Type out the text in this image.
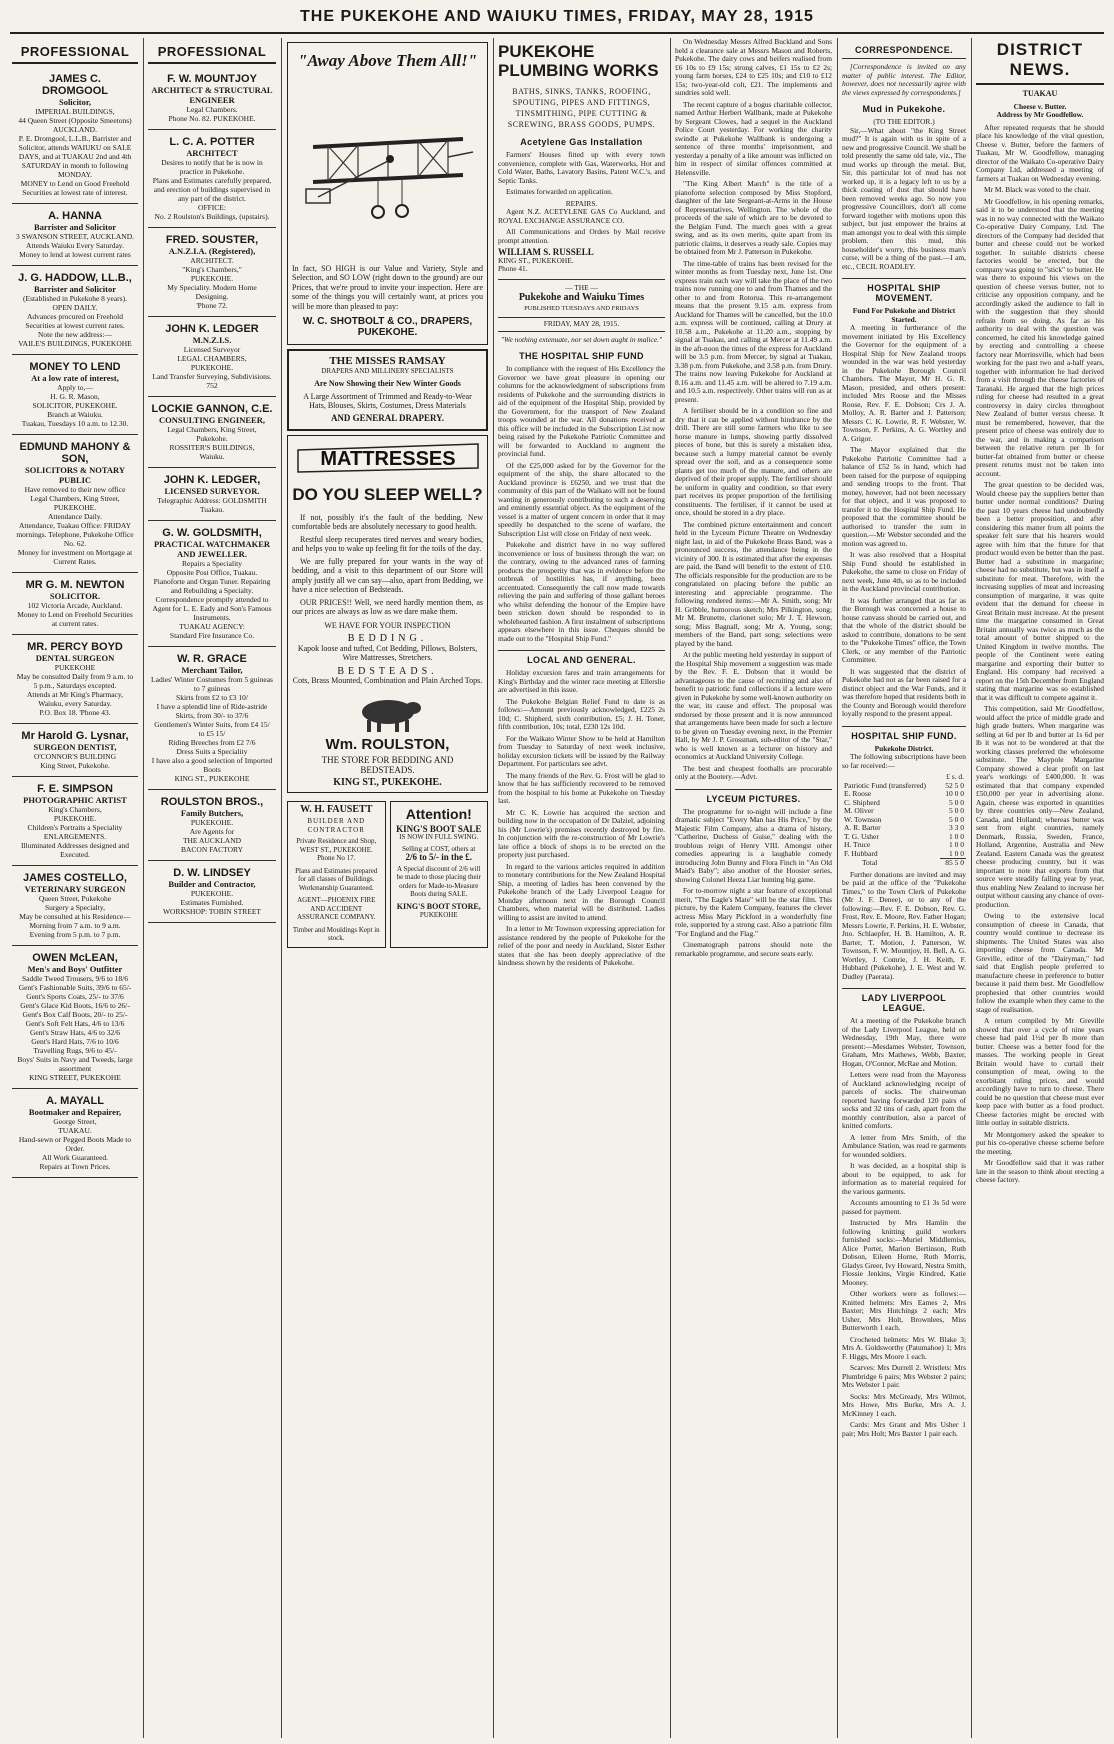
THE PUKEKOHE AND WAIUKU TIMES, FRIDAY, MAY 28, 1915
PROFESSIONAL
JAMES C. DROMGOOL
Solicitor,
IMPERIAL BUILDINGS,
44 Queen Street (Opposite Smeetons)
AUCKLAND.
P. E. Dromgool, L.L.B., Barrister and Solicitor, attends WAIUKU on SALE DAYS, and at TUAKAU 2nd and 4th SATURDAY in month to following MONDAY.
MONEY to Lend on Good Freehold Securities at lowest rate of interest.
A. HANNA
Barrister and Solicitor
3 SWANSON STREET, AUCKLAND.
Attends Waiuku Every Saturday.
Money to lend at lowest current rates
J. G. HADDOW, LL.B.,
Barrister and Solicitor
(Established in Pukekohe 8 years).
OPEN DAILY.
Advances procured on Freehold Securities at lowest current rates.
Note the new address:—
VAILE'S BUILDINGS, PUKEKOHE
MONEY TO LEND
At a low rate of interest,
Apply to,—
H. G. R. Mason,
SOLICITOR, PUKEKOHE.
Branch at Waiuku.
Tuakau, Tuesdays 10 a.m. to 12.30.
EDMUND MAHONY & SON,
SOLICITORS & NOTARY PUBLIC
Have removed to their new office
Legal Chambers, King Street,
PUKEKOHE.
Attendance Daily.
Attendance, Tuakau Office: FRIDAY mornings. Telephone, Pukekohe Office No. 62.
Money for investment on Mortgage at Current Rates.
MR G. M. NEWTON
SOLICITOR.
102 Victoria Arcade, Auckland.
Money to Lend on Freehold Securities at current rates.
MR. PERCY BOYD
DENTAL SURGEON
PUKEKOHE
May be consulted Daily from 9 a.m. to 5 p.m., Saturdays excepted.
Attends at Mr King's Pharmacy, Waiuku, every Saturday.
P.O. Box 18. 'Phone 43.
Mr Harold G. Lysnar,
SURGEON DENTIST,
O'CONNOR'S BUILDING
King Street, Pukekohe.
F. E. SIMPSON
PHOTOGRAPHIC ARTIST
King's Chambers,
PUKEKOHE.
Children's Portraits a Speciality
ENLARGEMENTS.
Illuminated Addresses designed and Executed.
JAMES COSTELLO,
VETERINARY SURGEON
Queen Street, Pukekohe
Surgery a Specialty,
May be consulted at his Residence—
Morning from 7 a.m. to 9 a.m.
Evening from 5 p.m. to 7 p.m.
OWEN McLEAN,
Men's and Boys' Outfitter
Saddle Tweed Trousers, 9/6 to 18/6
Gent's Fashionable Suits, 39/6 to 65/-
Gent's Sports Coats, 25/- to 37/6
Gent's Glace Kid Boots, 16/6 to 26/-
Gent's Box Calf Boots, 20/- to 25/-
Gent's Soft Felt Hats, 4/6 to 13/6
Gent's Straw Hats, 4/6 to 32/6
Gent's Hard Hats, 7/6 to 10/6
Travelling Rugs, 9/6 to 45/-
Boys' Suits in Navy and Tweeds, large assortment
KING STREET, PUKEKOHE
A. MAYALL
Bootmaker and Repairer,
George Street,
TUAKAU.
Hand-sewn or Pegged Boots Made to Order.
All Work Guaranteed.
Repairs at Town Prices.
PROFESSIONAL
F. W. MOUNTJOY
ARCHITECT & STRUCTURAL ENGINEER
Legal Chambers.
Phone No. 82. PUKEKOHE.
L. C. A. POTTER
ARCHITECT
Desires to notify that he is now in practice in Pukekohe.
Plans and Estimates carefully prepared, and erection of buildings supervised in any part of the district.
OFFICE:
No. 2 Roulston's Buildings, (upstairs).
FRED. SOUSTER,
A.N.Z.I.A. (Registered),
ARCHITECT.
"King's Chambers,"
PUKEKOHE.
My Speciality. Modern Home Designing.
'Phone 72.
JOHN K. LEDGER
M.N.Z.I.S.
Licensed Surveyor
LEGAL CHAMBERS,
PUKEKOHE.
Land Transfer Surveying, Subdivisions. 752
LOCKIE GANNON, C.E.
CONSULTING ENGINEER,
Legal Chambers, King Street,
Pukekohe.
ROSSITER'S BUILDINGS,
Waiuku.
JOHN K. LEDGER,
LICENSED SURVEYOR.
Telegraphic Address: GOLDSMITH
Tuakau.
G. W. GOLDSMITH,
PRACTICAL WATCHMAKER AND JEWELLER.
Repairs a Speciality
Opposite Post Office, Tuakau.
Pianoforte and Organ Tuner. Repairing and Rebuilding a Specialty.
Correspondence promptly attended to
Agent for L. E. Eady and Son's Famous Instruments.
TUAKAU AGENCY:
Standard Fire Insurance Co.
W. R. GRACE
Merchant Tailor,
Ladies' Winter Costumes from 5 guineas to 7 guineas
Skirts from £2 to £3 10/
I have a splendid line of Ride-astride Skirts, from 30/- to 37/6
Gentlemen's Winter Suits, from £4 15/ to £5 15/
Riding Breeches from £2 7/6
Dress Suits a Speciality
I have also a good selection of Imported Boots
KING ST., PUKEKOHE
ROULSTON BROS.,
Family Butchers,
PUKEKOHE.
Are Agents for
THE AUCKLAND
BACON FACTORY
D. W. LINDSEY
Builder and Contractor,
PUKEKOHE.
Estimates Furnished.
WORKSHOP: TOBIN STREET
"Away Above Them All!"
In fact, SO HIGH is our Value and Variety, Style and Selection, and SO LOW (right down to the ground) are our Prices, that we're proud to invite your inspection. Here are some of the things you will certainly want, at prices you will be more than pleased to pay:
W. C. SHOTBOLT & CO., DRAPERS, PUKEKOHE.
THE MISSES RAMSAY
DRAPERS AND MILLINERY SPECIALISTS
Are Now Showing their New Winter Goods
A Large Assortment of Trimmed and Ready-to-Wear Hats, Blouses, Skirts, Costumes, Dress Materials
AND GENERAL DRAPERY.
MATTRESSES
DO YOU SLEEP WELL?
If not, possibly it's the fault of the bedding. New comfortable beds are absolutely necessary to good health.
Restful sleep recuperates tired nerves and weary bodies, and helps you to wake up feeling fit for the toils of the day.
We are fully prepared for your wants in the way of bedding, and a visit to this department of our Store will amply justify all we can say—also, apart from Bedding, we have a nice selection of Bedsteads.
OUR PRICES!! Well, we need hardly mention them, as our prices are always as low as we dare make them.
WE HAVE FOR YOUR INSPECTION
BEDDING.
Kapok loose and tufted, Cot Bedding, Pillows, Bolsters, Wire Mattresses, Stretchers.
BEDSTEADS.
Cots, Brass Mounted, Combination and Plain Arched Tops.
Wm. ROULSTON,
THE STORE FOR BEDDING AND
BEDSTEADS.
KING ST., PUKEKOHE.
W. H. FAUSETT
BUILDER AND
CONTRACTOR
Private Residence and Shop, WEST ST., PUKEKOHE.
Phone No 17.
Plans and Estimates prepared for all classes of Buildings. Workmanship Guaranteed.
AGENT—PHOENIX FIRE AND ACCIDENT ASSURANCE COMPANY.
Timber and Mouldings Kept in stock.
Attention!
KING'S BOOT SALE
IS NOW IN FULL SWING.
Selling at COST, others at
2/6 to 5/- in the £.
A Special discount of 2/6 will be made to those placing their orders for Made-to-Measure Boots during SALE.
KING'S BOOT STORE,
PUKEKOHE
PUKEKOHE PLUMBING WORKS
BATHS, SINKS, TANKS, ROOFING, SPOUTING, PIPES AND FITTINGS, TINSMITHING, PIPE CUTTING & SCREWING, BRASS GOODS, PUMPS.
Acetylene Gas Installation
Farmers' Houses fitted up with every town convenience, complete with Gas, Waterworks, Hot and Cold Water, Baths, Lavatory Basins, Patent W.C.'s, and Septic Tanks.
Estimates forwarded on application.
REPAIRS.
Agent N.Z. ACETYLENE GAS Co Auckland, and ROYAL EXCHANGE ASSURANCE CO.
All Communications and Orders by Mail receive prompt attention.
WILLIAM S. RUSSELL
KING ST., PUKEKOHE.
Phone 41.
— THE —
Pukekohe and Waiuku Times
PUBLISHED TUESDAYS AND FRIDAYS
FRIDAY, MAY 28, 1915.
"We nothing extenuate, nor set down aught in malice."
THE HOSPITAL SHIP FUND
In compliance with the request of His Excellency the Governor we have great pleasure in opening our columns for the acknowledgment of subscriptions from residents of Pukekohe and the surrounding districts in aid of the equipment of the Hospital Ship, provided by the Government, for the transport of New Zealand troops wounded at the war. All donations received at this office will be included in the Subscription List now being raised by the Pukekohe Patriotic Committee and will be forwarded to Auckland to augment the provincial fund.
Of the £25,000 asked for by the Governor for the equipment of the ship, the share allocated to the Auckland province is £6250, and we trust that the community of this part of the Waikato will not be found wanting in generously contributing to such a deserving and eminently essential object. As the equipment of the vessel is a matter of urgent concern in order that it may speedily be despatched to the scene of warfare, the Subscription List will close on Friday of next week.
Pukekohe and district have in no way suffered inconvenience or loss of business through the war; on the contrary, owing to the advanced rates of farming products the prosperity that was in evidence before the outbreak of hostilities has, if anything, been accentuated. Consequently the call now made towards relieving the pain and suffering of those gallant heroes who whilst defending the honour of the Empire have been stricken down should be responded to in wholehearted fashion. A first instalment of subscriptions appears elsewhere in this issue. Cheques should be made out to the "Hospital Ship Fund."
LOCAL AND GENERAL.
Holiday excursion fares and train arrangements for King's Birthday and the winter race meeting at Ellerslie are advertised in this issue.
The Pukekohe Belgian Relief Fund to date is as follows:—Amount previously acknowledged, £225 2s 10d; C. Shipherd, sixth contribution, £5; J. H. Toner, fifth contribution, 10s; total, £230 12s 10d.
For the Waikato Winter Show to be held at Hamilton from Tuesday to Saturday of next week inclusive, holiday excursion tickets will be issued by the Railway Department. For particulars see advt.
The many friends of the Rev. G. Frost will be glad to know that he has sufficiently recovered to be removed from the hospital to his home at Pukekohe on Tuesday last.
Mr C. K. Lowrie has acquired the section and building now in the occupation of Dr Dalziel, adjoining his (Mr Lowrie's) premises recently destroyed by fire. In conjunction with the re-construction of Mr Lowrie's late office a block of shops is to be erected on the property just purchased.
In regard to the various articles required in addition to monetary contributions for the New Zealand Hospital Ship, a meeting of ladies has been convened by the Pukekohe branch of the Lady Liverpool League for Monday afternoon next in the Borough Council Chambers, when material will be distributed. Ladies willing to assist are invited to attend.
In a letter to Mr Townson expressing appreciation for assistance rendered by the people of Pukekohe for the relief of the poor and needy in Auckland, Sister Esther states that she has been deeply appreciative of the kindness shown by the residents of Pukekohe.
On Wednesday Messrs Alfred Buckland and Sons held a clearance sale at Messrs Mason and Roberts, Pukekohe. The dairy cows and heifers realised from £6 10s to £9 15s; strong calves, £1 15s to £2 2s; young farm horses, £24 to £25 10s; and £10 to £12 15s; two-year-old colt, £21. The implements and sundries sold well.
The recent capture of a bogus charitable collector, named Arthur Herbert Wallbank, made at Pukekohe by Sergeant Clowes, had a sequel in the Auckland Police Court yesterday. For working the charity swindle at Pukekohe Wallbank is undergoing a sentence of three months' imprisonment, and yesterday a penalty of a like amount was inflicted on him in respect of similar offences committed at Helensville.
"The King Albert March" is the title of a pianoforte selection composed by Miss Stopford, daughter of the late Sergeant-at-Arms in the House of Representatives, Wellington. The whole of the proceeds of the sale of which are to be devoted to the Belgian Fund. The march goes with a great swing, and as its own merits, quite apart from its patriotic claims, it deserves a ready sale. Copies may be obtained from Mr J. Patterson in Pukekohe.
The time-table of trains has been revised for the winter months as from Tuesday next, June 1st. One express train each way will take the place of the two trains now running one to and from Thames and the other to and from Rotorua. This re-arrangement means that the present 9.15 a.m. express from Auckland for Thames will be cancelled, but the 10.0 a.m. express will be continued, calling at Drury at 10.58 a.m., Pukekohe at 11.20 a.m., stopping by signal at Tuakau, and calling at Mercer at 11.49 a.m. in the aft-noon the times of the express for Auckland will be 3.5 p.m. from Mercer, by signal at Tuakau, 3.38 p.m. from Pukekohe, and 3.58 p.m. from Drury. The trains now leaving Pukekohe for Auckland at 8.16 a.m. and 11.45 a.m. will be altered to 7.19 a.m. and 10.5 a.m. respectively. Other trains will run as at present.
A fertiliser should be in a condition so fine and dry that it can be applied without hindrance by the drill. There are still some farmers who like to see horse manure in lumps, showing partly dissolved pieces of bone, but this is surely a mistaken idea, because such a lumpy material cannot be evenly spread over the soil, and as a consequence some plants get too much of the manure, and others are deprived of their proper supply. The fertiliser should be uniform in quality and condition, so that every part receives its proper proportion of the fertilising constituents. The fertiliser, if it cannot be used at once, should be stored in a dry place.
The combined picture entertainment and concert held in the Lyceum Picture Theatre on Wednesday night last, in aid of the Pukekohe Brass Band, was a pronounced success, the attendance being in the vicinity of 300. It is estimated that after the expenses are paid, the Band will benefit to the extent of £10. The officials responsible for the production are to be congratulated on placing before the public an interesting and appreciable programme. The following rendered items:—Mr A. Smith, song; Mr H. Gribble, humorous sketch; Mrs Pilkington, song; Mr M. Brunette, clarionet solo; Mr J. T. Hewson, song; Miss Bagnall, song; Mr A. Young, song; members of the Band, part song; selections were played by the band.
At the public meeting held yesterday in support of the Hospital Ship movement a suggestion was made by the Rev. F. E. Dobson that it would be advantageous to the cause of recruiting and also of benefit to patriotic fund collections if a lecture were given in Pukekohe by some well-known authority on the war, its cause and effect. The proposal was endorsed by those present and it is now announced that arrangements have been made for such a lecture to be given on Tuesday evening next, in the Premier Hall, by Mr J. P. Grossman, sub-editor of the "Star," who is well known as a lecturer on history and economics at Auckland University College.
The best and cheapest footballs are procurable only at the Bootery.—Advt.
LYCEUM PICTURES.
The programme for to-night will include a fine dramatic subject "Every Man has His Price," by the Majestic Film Company, also a drama of history, "Catherine, Duchess of Guise," dealing with the troublous reign of Henry VIII. Amongst other comedies appearing is a laughable comedy introducing John Bunny and Flora Finch in "An Old Maid's Baby"; also another of the Hoosier series, showing Colonel Heeza Liar hunting big game.
For to-morrow night a star feature of exceptional merit, "The Eagle's Mate" will be the star film. This picture, by the Kalem Company, features the clever actress Miss Mary Pickford in a wonderfully fine role, supported by a strong cast. Also a patriotic film "For England and the Flag."
Cinematograph patrons should note the remarkable programme, and secure seats early.
CORRESPONDENCE.
[Correspondence is invited on any matter of public interest. The Editor, however, does not necessarily agree with the views expressed by correspondents.]
Mud in Pukekohe.
(TO THE EDITOR.)
Sir,—What about "the King Street mud?" It is again with us in spite of a new and progressive Council. We shall be told presently the same old tale, viz., The mud works up through the metal. But, Sir, this particular lot of mud has not worked up, it is a legacy left to us by a thick coating of dust that should have been removed weeks ago. So now you progressive Councillors, don't all come forward together with motions upon this subject, but just empower the brains at man amongst you to deal with this simple problem. then this mud, this householder's worry, this business man's curse, will be a thing of the past.—I am, etc., CECIL ROADLEY.
HOSPITAL SHIP MOVEMENT.
Fund For Pukekohe and District Started.
A meeting in furtherance of the movement initiated by His Excellency the Governor for the equipment of a Hospital Ship for New Zealand troops wounded in the war was held yesterday in the Pukekohe Borough Council Chambers. The Mayor, Mr H. G. R. Mason, presided, and others present: included Mrs Roose and the Misses Roose, Rev. F. E. Dobson; Crs J. A. Molloy, A. R. Barter and J. Patterson; Messrs C. K. Lowrie, R. F. Webster, W. Townson, F. Perkins, A. G. Wortley and A. Grigor.
The Mayor explained that the Pukekohe Patriotic Committee had a balance of £52 5s in hand, which had been raised for the purpose of equipping and sending troops to the front. That money, however, had not been necessary for that object, and it was proposed to transfer it to the Hospital Ship Fund. He proposed that the committee should be authorised to transfer the sum in question.—Mr Webster seconded and the motion was agreed to.
It was also resolved that a Hospital Ship Fund should be established in Pukekohe, the same to close on Friday of next week, June 4th, so as to be included in the Auckland provincial contribution.
It was further arranged that as far as the Borough was concerned a house to house canvass should be carried out, and that the whole of the district should be asked to contribute, donations to be sent to the "Pukekohe Times" office, the Town Clerk, or any member of the Patriotic Committee.
It was suggested that the district of Pukekohe had not as far been raised for a distinct object and the War Funds, and it was therefore hoped that residents both in the County and Borough would therefore loyally respond to the present appeal.
HOSPITAL SHIP FUND.
Pukekohe District.
The following subscriptions have been so far received:—
	£ s. d.
Patriotic Fund (transferred)	52 5 0
E. Roose	10 0 0
C. Shipherd	5 0 0
M. Oliver	5 0 0
W. Townson	5 0 0
A. R. Barter	3 3 0
T. G. Usher	1 0 0
H. Truce	1 0 0
F. Hubbard	1 0 0
Total	85 5 0
Further donations are invited and may be paid at the office of the "Pukekohe Times," to the Town Clerk of Pukekohe (Mr J. F. Denee), or to any of the following:—Rev. F. E. Dobson, Rev. G. Frost, Rev. E. Moore, Rev. Father Hogan; Messrs Lowrie, F. Perkins, H. E. Webster, Jno. Schlaepfer, H. B. Hamilton, A. R. Barter, T. Motion, J. Patterson, W. Townson, F. W. Mountjoy, H. Bell, A. G. Wortley, J. Comrie, J. H. Keith, F. Hubbard (Pukekohe), J. E. West and W. Dudley (Paerata).
LADY LIVERPOOL LEAGUE.
At a meeting of the Pukekohe branch of the Lady Liverpool League, held on Wednesday, 19th May, there were present:—Mesdames Webster, Townson, Graham, Mrs Mathews, Webb, Baxter, Hogan, O'Connor, McRae and Motion.
Letters were read from the Mayoress of Auckland acknowledging receipt of parcels of socks. The chairwoman reported having forwarded 120 pairs of socks and 32 tins of cash, apart from the monthly contribution, also a parcel of knitted comforts.
A letter from Mrs Smith, of the Ambulance Station, was read re garments for wounded soldiers.
It was decided, as a hospital ship is about to be equipped, to ask for information as to material required for the various garments.
Accounts amounting to £1 3s 5d were passed for payment.
Instructed by Mrs Hamlin the following knitting guild workers furnished socks:—Muriel Middlemiss, Alice Porter, Marion Bertinson, Ruth Dobson, Eileen Horne, Ruth Morris, Gladys Greer, Ivy Howard, Nestra Smith, Flossie Jenkins, Virgie Kindred, Katie Mooney.
Other workers were as follows:— Knitted helmets: Mrs Eames 2, Mrs Baxter; Mrs Hutchings 2 each; Mrs Usher, Mrs Holt, Brownlees, Miss Butterworth 1 each.
Crocheted helmets: Mrs W. Blake 3; Mrs A. Goldsworthy (Patumahoe) 1; Mrs F. Higgs, Mrs Moore 1 each.
Scarves: Mrs Durrell 2. Wristlets: Mrs Plumbridge 6 pairs; Mrs Webster 2 pairs; Mrs Webster 1 pair.
Socks: Mrs McGready, Mrs Wilmot, Mrs Howe, Mrs Burke, Mrs A. J. McKinney 1 each.
Cards: Mrs Grant and Mrs Usher 1 pair; Mrs Holt; Mrs Baxter 1 pair each.
DISTRICT NEWS.
TUAKAU
Cheese v. Butter.
Address by Mr Goodfellow.
After repeated requests that he should place his knowledge of the vital question, Cheese v. Butter, before the farmers of Tuakau, Mr W. Goodfellow, managing director of the Waikato Co-operative Dairy Company Ltd, addressed a meeting of farmers at Tuakau on Wednesday evening.
Mr M. Black was voted to the chair.
Mr Goodfellow, in his opening remarks, said it to be understood that the meeting was in no way connected with the Waikato Co-operative Dairy Company, Ltd. The directors of the Company had decided that butter and cheese could not be worked together. In suitable districts cheese factories would be erected, but the company was going to "stick" to butter. He was there to expound his views on the question of cheese versus butter, not to criticise any opposition company, and he accordingly asked the audience to fall in with the suggestion that they should refrain from so doing. As far as his authority to deal with the question was concerned, he cited his knowledge gained by erecting and controlling a cheese factory near Morrinsville, which had been working for the past two and a-half years, together with information he had derived from a visit through the cheese factories of Taranaki. He argued that the high prices ruling for cheese had resulted in a great controversy in dairy circles throughout New Zealand of butter versus cheese. It must be remembered, however, that the present price of cheese was entirely due to the war, and in making a comparison between the relative return per lb for butter-fat obtained from butter or cheese present returns must not be taken into account.
The great question to be decided was, Would cheese pay the suppliers better than butter under normal conditions? During the past 10 years cheese had undoubtedly been a better proposition, and after considering this matter from all points the speaker felt sure that his hearers would agree with him that the future for that product would even be better than the past. Butter had a substitute in margarine; cheese had no substitute, but was in itself a substitute for meat. Therefore, with the increasing supplies of meat and increasing consumption of margarine, it was quite evident that the demand for cheese in Great Britain must increase. At the present time the margarine consumed in Great Britain annually was twice as much as the total amount of butter shipped to the United Kingdom in twelve months. The people of the Continent were eating margarine and exporting their butter to England. His company had received a report on the 15th December from England stating that margarine was so established that it was difficult to compete against it.
This competition, said Mr Goodfellow, would affect the price of middle grade and high grade butters. When margarine was selling at 6d per lb and butter at 1s 6d per lb it was not to be wondered at that the working classes preferred the wholesome substitute. The Maypole Margarine Company showed a clear profit on last year's workings of £400,000. It was estimated that that company expended £50,000 per year in advertising alone. Again, cheese was exported in quantities by three countries only—New Zealand, Canada, and Holland; whereas butter was sent from eight countries, namely Denmark, Russia, Sweden, France, Holland, Argentine, Australia and New Zealand. Eastern Canada was the greatest cheese producing country, but it was important to note that exports from that source were steadily falling year by year, thus enabling New Zealand to increase her output without causing any chance of over-production.
Owing to the extensive local consumption of cheese in Canada, that country would continue to decrease its shipments. The United States was also importing cheese from Canada. Mr Greville, editor of the "Dairyman," had said that English people preferred to manufacture cheese in preference to butter because it paid them best. Mr Goodfellow prophesied that other countries would follow the example when they came to the stage of realisation.
A return compiled by Mr Greville showed that over a cycle of nine years cheese had paid 1½d per lb more than butter. Cheese was a better food for the masses. The working people in Great Britain would have to curtail their consumption of meat, owing to the exorbitant ruling prices, and would accordingly have to turn to cheese. There could be no question that cheese must ever keep pace with butter as a food product. Cheese factories might be erected with little outlay in suitable districts.
Mr Montgomery asked the speaker to put his co-operative cheese scheme before the meeting.
Mr Goodfellow said that it was rather late in the season to think about erecting a cheese factory.
